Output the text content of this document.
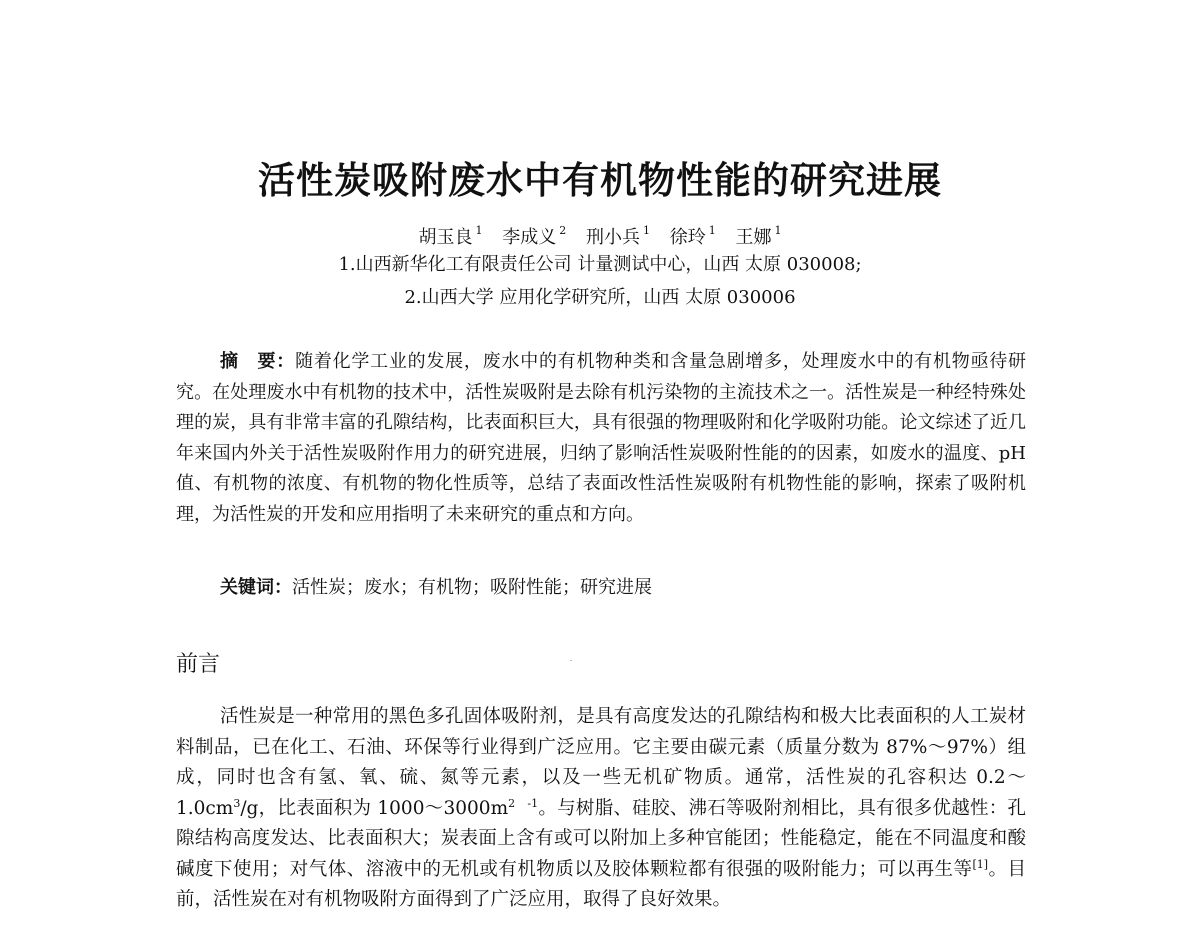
活性炭吸附废水中有机物性能的研究进展
胡玉良 $^1$ 李成义 $^2$ 刑小兵 $^1$ 徐玲 $^1$ 王娜 $^1$
1.山西新华化工有限责任公司 计量测试中心，山西 太原 030008;
2.山西大学 应用化学研究所，山西 太原 030006

摘　要：随着化学工业的发展，废水中的有机物种类和含量急剧增多，处理废水中的有机物亟待研究。在处理废水中有机物的技术中，活性炭吸附是去除有机污染物的主流技术之一。活性炭是一种经特殊处理的炭，具有非常丰富的孔隙结构，比表面积巨大，具有很强的物理吸附和化学吸附功能。论文综述了近几年来国内外关于活性炭吸附作用力的研究进展，归纳了影响活性炭吸附性能的的因素，如废水的温度、pH 值、有机物的浓度、有机物的物化性质等，总结了表面改性活性炭吸附有机物性能的影响，探索了吸附机理，为活性炭的开发和应用指明了未来研究的重点和方向。

关键词：活性炭；废水；有机物；吸附性能；研究进展
前言

活性炭是一种常用的黑色多孔固体吸附剂，是具有高度发达的孔隙结构和极大比表面积的人工炭材料制品，已在化工、石油、环保等行业得到广泛应用。它主要由碳元素（质量分数为 87%～97%）组成，同时也含有氢、氧、硫、氮等元素，以及一些无机矿物质。通常，活性炭的孔容积达 $0.2\sim 1.0cm^3/g$，比表面积为 $1000\sim 3000m^2$ $^{-1}$。与树脂、硅胶、沸石等吸附剂相比，具有很多优越性：孔隙结构高度发达、比表面积大；炭表面上含有或可以附加上多种官能团；性能稳定，能在不同温度和酸碱度下使用；对气体、溶液中的无机或有机物质以及胶体颗粒都有很强的吸附能力；可以再生等[1]。目前，活性炭在对有机物吸附方面得到了广泛应用，取得了良好效果。
